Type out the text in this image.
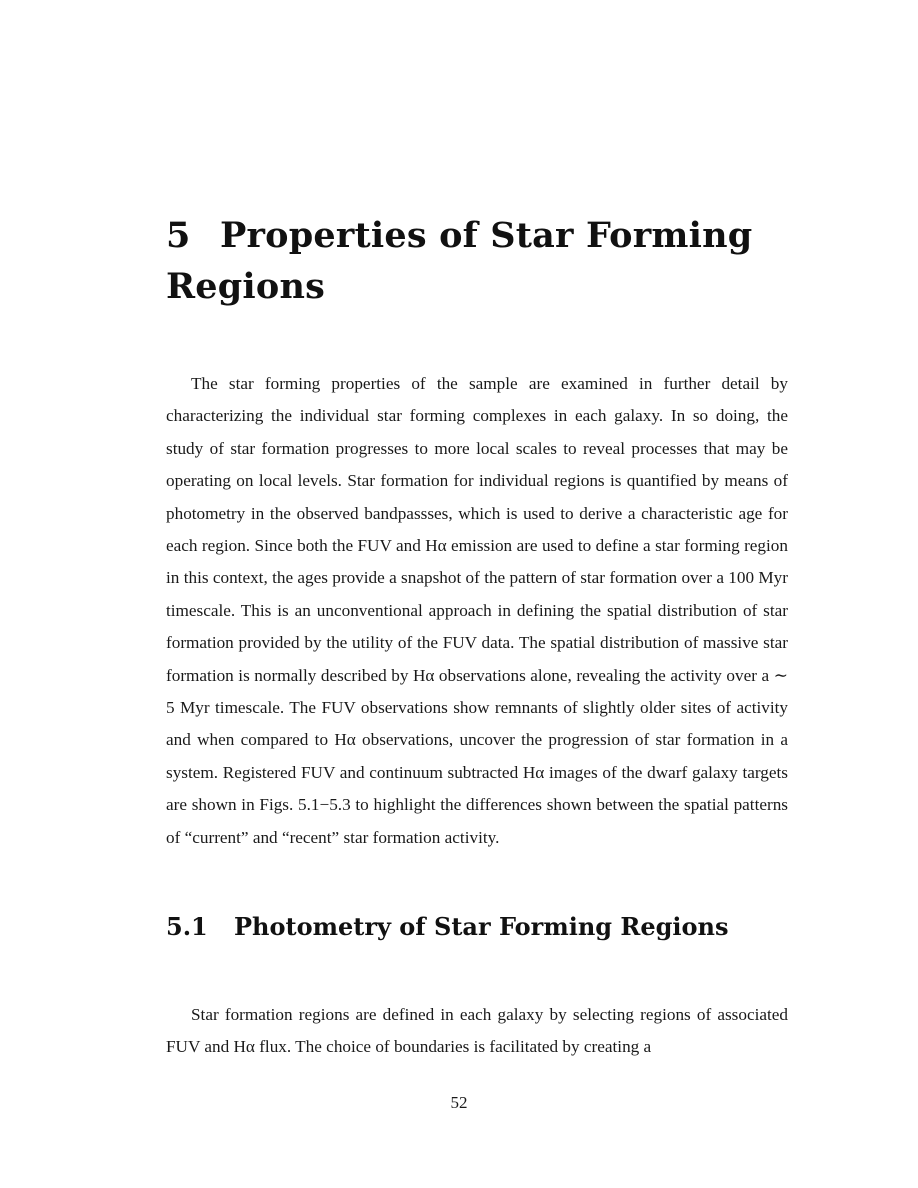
5 Properties of Star Forming Regions

The star forming properties of the sample are examined in further detail by characterizing the individual star forming complexes in each galaxy. In so doing, the study of star formation progresses to more local scales to reveal processes that may be operating on local levels. Star formation for individual regions is quantified by means of photometry in the observed bandpassses, which is used to derive a characteristic age for each region. Since both the FUV and Hα emission are used to define a star forming region in this context, the ages provide a snapshot of the pattern of star formation over a 100 Myr timescale. This is an unconventional approach in defining the spatial distribution of star formation provided by the utility of the FUV data. The spatial distribution of massive star formation is normally described by Hα observations alone, revealing the activity over a ∼ 5 Myr timescale. The FUV observations show remnants of slightly older sites of activity and when compared to Hα observations, uncover the progression of star formation in a system. Registered FUV and continuum subtracted Hα images of the dwarf galaxy targets are shown in Figs. 5.1−5.3 to highlight the differences shown between the spatial patterns of “current” and “recent” star formation activity.

5.1 Photometry of Star Forming Regions

Star formation regions are defined in each galaxy by selecting regions of associated FUV and Hα flux. The choice of boundaries is facilitated by creating a

52
